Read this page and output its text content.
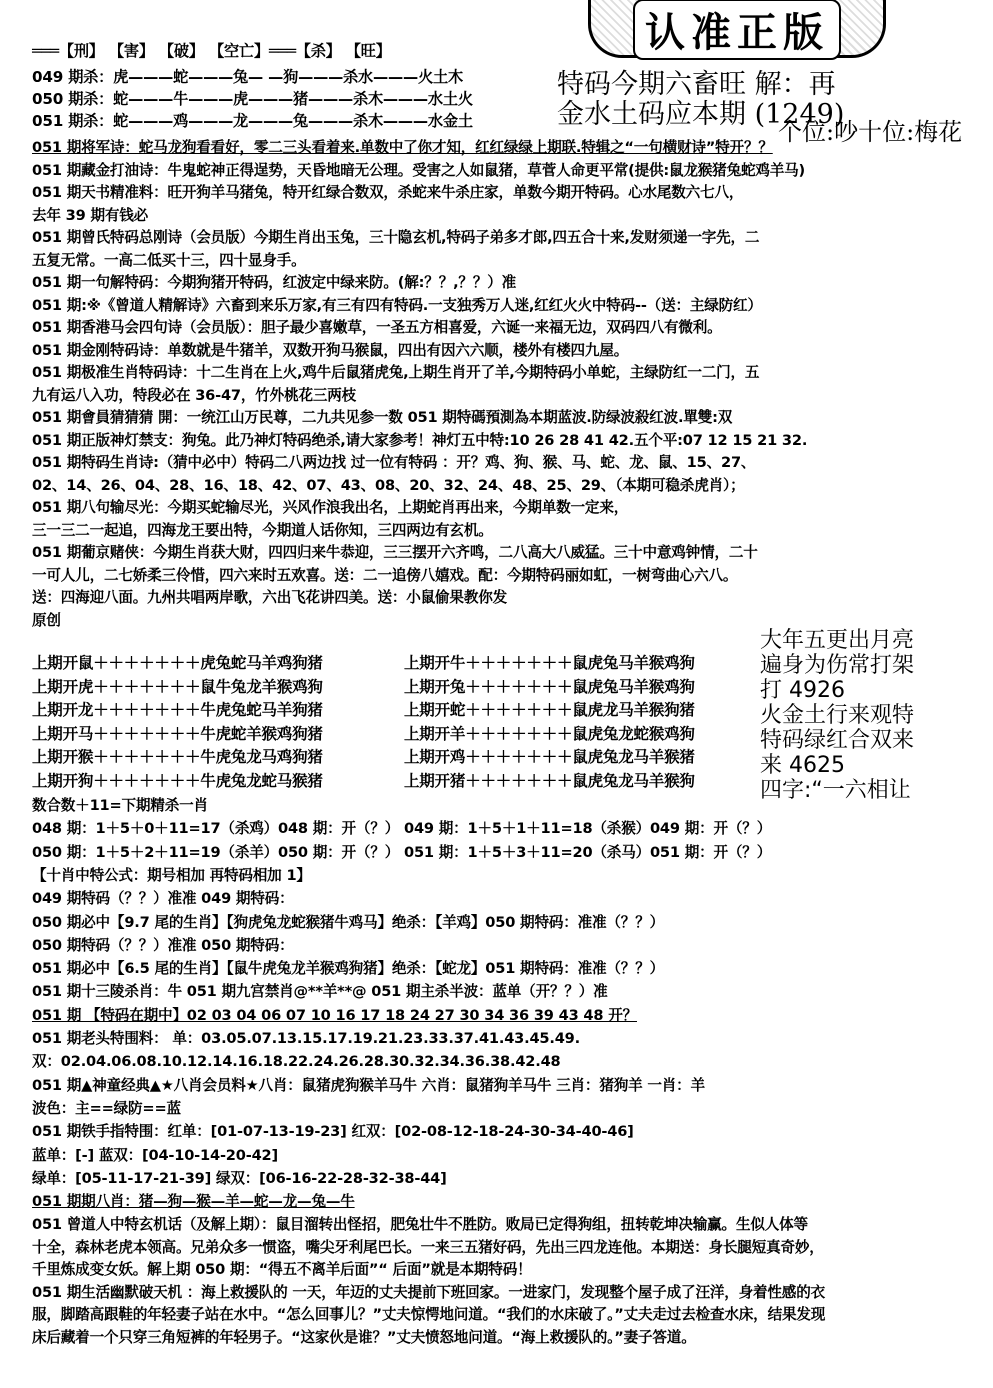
认准正版
═══【刑】 【害】 【破】 【空亡】═══【杀】 【旺】
049 期杀：虎———蛇———兔— —狗———杀水———火土木
050 期杀：蛇———牛———虎———猪———杀木———水土火
051 期杀：蛇———鸡———龙———兔———杀木———水金土
特码今期六畜旺 解：再
金水土码应本期 (1249)
个位:吵十位:梅花
051 期将军诗：蛇马龙狗看看好，零二三头看着来.单数中了你才知，红红绿绿上期联.特辑之“一句横财诗”特开？？
051 期藏金打油诗：牛鬼蛇神正得逞势，天昏地暗无公理。受害之人如鼠猪，草菅人命更平常(提供:鼠龙猴猪兔蛇鸡羊马)
051 期天书精准料：旺开狗羊马猪兔，特开红绿合数双，杀蛇来牛杀庄家，单数今期开特码。心水尾数六七八，
去年 39 期有钱必
051 期曾氏特码总刚诗（会员版）今期生肖出玉兔，三十隐玄机,特码子弟多才郎,四五合十来,发财须递一字先，二
五复无常。一高二低买十三，四十显身手。
051 期一句解特码：今期狗猪开特码，红波定中绿来防。(解:？？,？？）准
051 期:※《曾道人精解诗》六畜到来乐万家,有三有四有特码.一支独秀万人迷,红红火火中特码--（送：主绿防红）
051 期香港马会四句诗（会员版）：胆子最少喜嫩草，一圣五方相喜爱，六诞一来福无边，双码四八有微利。
051 期金刚特码诗：单数就是牛猪羊，双数开狗马猴鼠，四出有因六六顺，楼外有楼四九屋。
051 期极准生肖特码诗：十二生肖在上火,鸡牛后鼠猪虎兔,上期生肖开了羊,今期特码小单蛇，主绿防红一二门，五
九有运八入功，特段必在 36-47，竹外桃花三两枝
051 期會員猜猜猜 開：一统江山万民尊，二九共见参一数 051 期特碼預測為本期蓝波.防绿波殺红波.單雙:双
051 期正版神灯禁支：狗兔。此乃神灯特码绝杀,请大家参考！神灯五中特:10 26 28 41 42.五个平:07 12 15 21 32.
051 期特码生肖诗:（猜中必中）特码二八两边找 过一位有特码 ：开？鸡、狗、猴、马、蛇、龙、鼠、15、27、
02、14、26、04、28、16、18、42、07、43、08、20、32、24、48、25、29、（本期可稳杀虎肖）；
051 期八句输尽光：今期买蛇输尽光，兴风作浪我出名，上期蛇肖再出来，今期单数一定来，
三一三二一起追，四海龙王要出特，今期道人话你知，三四两边有玄机。
051 期葡京赌侠：今期生肖获大财，四四归来牛恭迎，三三摆开六齐鸣，二八高大八威猛。三十中意鸡钟情，二十
一可人儿，二七娇柔三伶惜，四六来时五欢喜。送：二一追傍八嬉戏。配：今期特码丽如虹，一树弯曲心六八。
送：四海迎八面。九州共唱两岸歌，六出飞花讲四美。送：小鼠偷果教你发
原创
上期开鼠＋＋＋＋＋＋＋虎兔蛇马羊鸡狗猪
上期开虎＋＋＋＋＋＋＋鼠牛兔龙羊猴鸡狗
上期开龙＋＋＋＋＋＋＋牛虎兔蛇马羊狗猪
上期开马＋＋＋＋＋＋＋牛虎蛇羊猴鸡狗猪
上期开猴＋＋＋＋＋＋＋牛虎兔龙马鸡狗猪
上期开狗＋＋＋＋＋＋＋牛虎兔龙蛇马猴猪
上期开牛＋＋＋＋＋＋＋鼠虎兔马羊猴鸡狗
上期开兔＋＋＋＋＋＋＋鼠虎兔马羊猴鸡狗
上期开蛇＋＋＋＋＋＋＋鼠虎龙马羊猴狗猪
上期开羊＋＋＋＋＋＋＋鼠虎兔龙蛇猴鸡狗
上期开鸡＋＋＋＋＋＋＋鼠虎兔龙马羊猴猪
上期开猪＋＋＋＋＋＋＋鼠虎兔龙马羊猴狗
大年五更出月亮
遍身为伤常打架
打 4926
火金土行来观特
特码绿红合双来
来 4625
四字:“一六相让
数合数＋11=下期精杀一肖
048 期：1＋5＋0＋11=17（杀鸡）048 期：开（？） 049 期：1＋5＋1＋11=18（杀猴）049 期：开（？）
050 期：1＋5＋2＋11=19（杀羊）050 期：开（？） 051 期：1＋5＋3＋11=20（杀马）051 期：开（？）
【十肖中特公式：期号相加 再特码相加 1】
049 期特码（？？）准准 049 期特码：
050 期必中【9.7 尾的生肖】【狗虎兔龙蛇猴猪牛鸡马】绝杀：【羊鸡】050 期特码：准准（？？）
050 期特码（？？）准准 050 期特码：
051 期必中【6.5 尾的生肖】【鼠牛虎兔龙羊猴鸡狗猪】绝杀：【蛇龙】051 期特码：准准（？？）
051 期十三陵杀肖：牛 051 期九宫禁肖@**羊**@ 051 期主杀半波：蓝单（开？？）准
051 期 【特码在期中】02 03 04 06 07 10 16 17 18 24 27 30 34 36 39 43 48 开？
051 期老头特围料： 单：03.05.07.13.15.17.19.21.23.33.37.41.43.45.49.
双：02.04.06.08.10.12.14.16.18.22.24.26.28.30.32.34.36.38.42.48
051 期▲神童经典▲★八肖会员料★八肖：鼠猪虎狗猴羊马牛 六肖：鼠猪狗羊马牛 三肖：猪狗羊 一肖：羊
波色：主==绿防==蓝
051 期铁手指特围：红单：[01-07-13-19-23] 红双：[02-08-12-18-24-30-34-40-46]
蓝单：[-] 蓝双：[04-10-14-20-42]
绿单：[05-11-17-21-39] 绿双：[06-16-22-28-32-38-44]
051 期期八肖：猪—狗—猴—羊—蛇—龙—兔—牛
051 曾道人中特玄机话（及解上期）：鼠目溜转出怪招，肥兔壮牛不胜防。败局已定得狗组，扭转乾坤决输赢。生似人体等
十全，森林老虎本领高。兄弟众多一惯盗，嘴尖牙利尾巴长。一来三五猪好码，先出三四龙连他。本期送：身长腿短真奇妙，
千里炼成变女妖。解上期 050 期：“得五不离羊后面”“ 后面”就是本期特码！
051 期生活幽默破天机 ：海上救援队的 一天，年迈的丈夫提前下班回家。一进家门，发现整个屋子成了汪洋，身着性感的衣
服，脚踏高跟鞋的年轻妻子站在水中。“怎么回事儿？”丈夫惊愕地问道。“我们的水床破了。”丈夫走过去检查水床，结果发现
床后藏着一个只穿三角短裤的年轻男子。“这家伙是谁？”丈夫愤怒地问道。“海上救援队的。”妻子答道。
